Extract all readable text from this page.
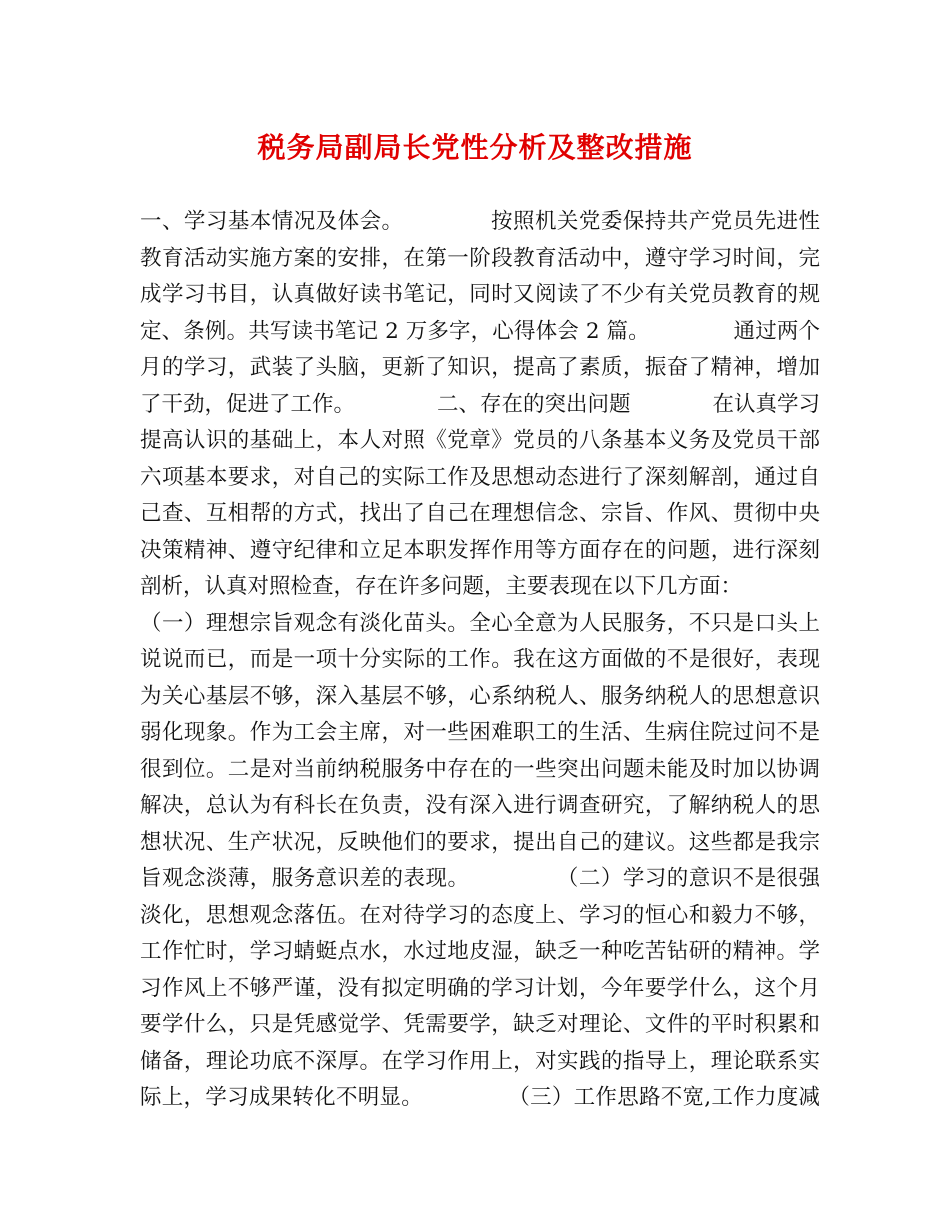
税务局副局长党性分析及整改措施
一、学习基本情况及体会。            按照机关党委保持共产党员先进性
教育活动实施方案的安排，在第一阶段教育活动中，遵守学习时间，完
成学习书目，认真做好读书笔记，同时又阅读了不少有关党员教育的规
定、条例。共写读书笔记 2 万多字，心得体会 2 篇。            通过两个
月的学习，武装了头脑，更新了知识，提高了素质，振奋了精神，增加
了干劲，促进了工作。            二、存在的突出问题            在认真学习
提高认识的基础上，本人对照《党章》党员的八条基本义务及党员干部
六项基本要求，对自己的实际工作及思想动态进行了深刻解剖，通过自
己查、互相帮的方式，找出了自己在理想信念、宗旨、作风、贯彻中央
决策精神、遵守纪律和立足本职发挥作用等方面存在的问题，进行深刻
剖析，认真对照检查，存在许多问题，主要表现在以下几方面：
（一）理想宗旨观念有淡化苗头。全心全意为人民服务，不只是口头上
说说而已，而是一项十分实际的工作。我在这方面做的不是很好，表现
为关心基层不够，深入基层不够，心系纳税人、服务纳税人的思想意识
弱化现象。作为工会主席，对一些困难职工的生活、生病住院过问不是
很到位。二是对当前纳税服务中存在的一些突出问题未能及时加以协调
解决，总认为有科长在负责，没有深入进行调查研究，了解纳税人的思
想状况、生产状况，反映他们的要求，提出自己的建议。这些都是我宗
旨观念淡薄，服务意识差的表现。            （二）学习的意识不是很强
淡化，思想观念落伍。在对待学习的态度上、学习的恒心和毅力不够，
工作忙时，学习蜻蜓点水，水过地皮湿，缺乏一种吃苦钻研的精神。学
习作风上不够严谨，没有拟定明确的学习计划，今年要学什么，这个月
要学什么，只是凭感觉学、凭需要学，缺乏对理论、文件的平时积累和
储备，理论功底不深厚。在学习作用上，对实践的指导上，理论联系实
际上，学习成果转化不明显。            （三）工作思路不宽,工作力度减
